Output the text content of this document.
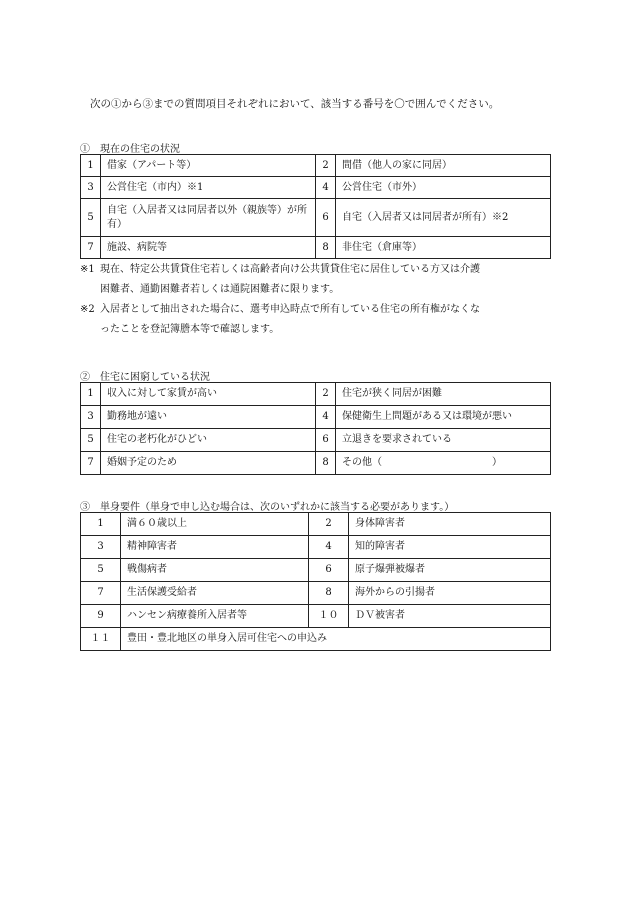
次の①から③までの質問項目それぞれにおいて、該当する番号を〇で囲んでください。
①　現在の住宅の状況
1	借家（アパート等）	2	間借（他人の家に同居）
3	公営住宅（市内）※1	4	公営住宅（市外）
5	自宅（入居者又は同居者以外（親族等）が所有）	6	自宅（入居者又は同居者が所有）※2
7	施設、病院等	8	非住宅（倉庫等）
※1 現在、特定公共賃貸住宅若しくは高齢者向け公共賃貸住宅に居住している方又は介護
困難者、通勤困難者若しくは通院困難者に限ります。
※2 入居者として抽出された場合に、選考申込時点で所有している住宅の所有権がなくな
ったことを登記簿謄本等で確認します。
②　住宅に困窮している状況
1	収入に対して家賃が高い	2	住宅が狭く同居が困難
3	勤務地が遠い	4	保健衛生上問題がある又は環境が悪い
5	住宅の老朽化がひどい	6	立退きを要求されている
7	婚姻予定のため	8	その他（　　　　　　　　　　　）
③　単身要件（単身で申し込む場合は、次のいずれかに該当する必要があります。）
1	満６０歳以上	2	身体障害者
3	精神障害者	4	知的障害者
5	戦傷病者	6	原子爆弾被爆者
7	生活保護受給者	8	海外からの引揚者
9	ハンセン病療養所入居者等	１０	ＤＶ被害者
１１	豊田・豊北地区の単身入居可住宅への申込み		
